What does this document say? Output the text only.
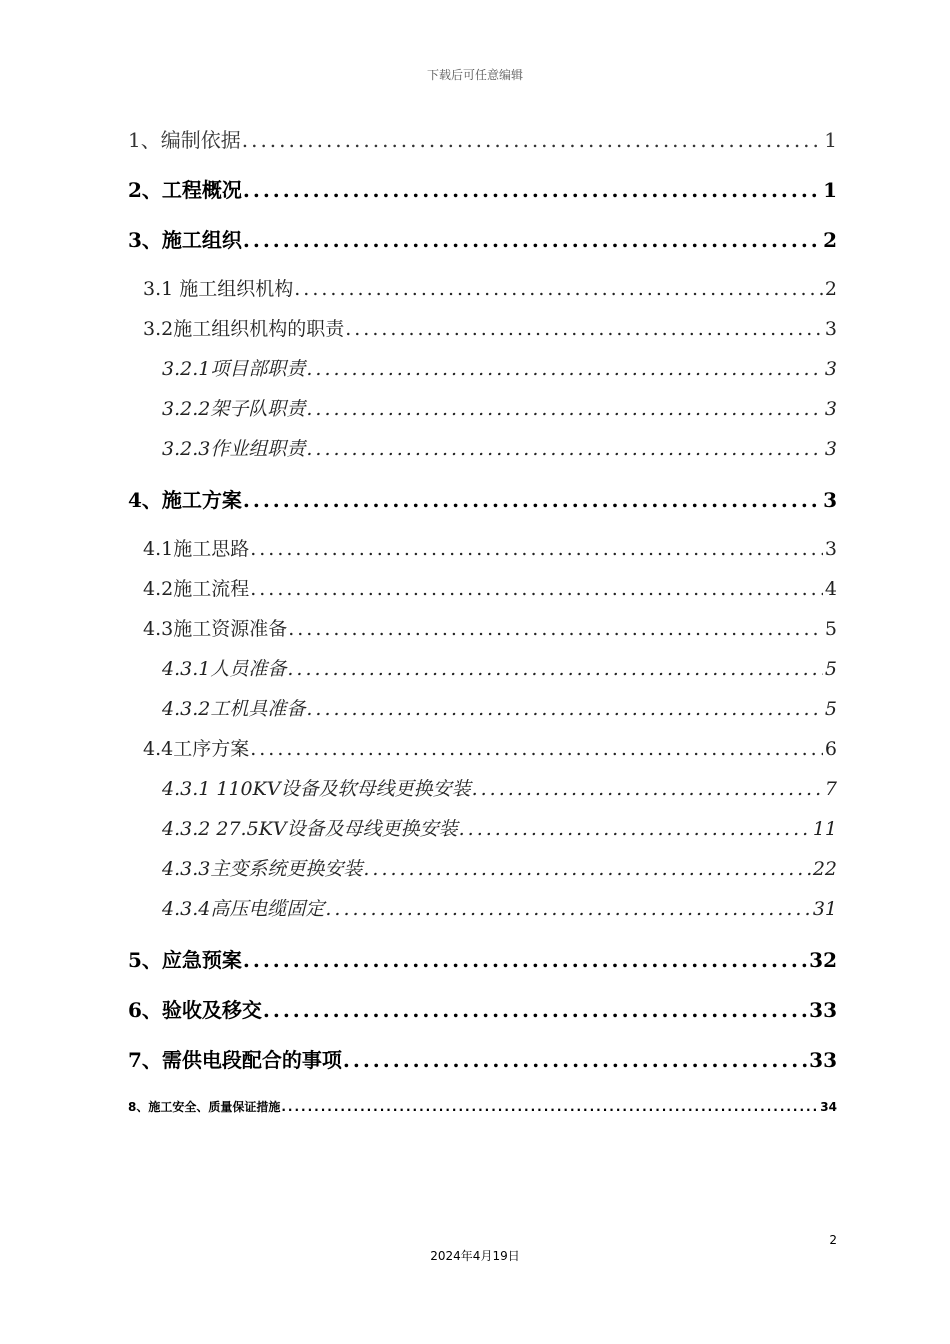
下载后可任意编辑
1、编制依据 .....	1
2、工程概况 .....	1
3、施工组织 .....	2
3.1 施工组织机构 .....	2
3.2施工组织机构的职责 .....	3
3.2.1项目部职责 .....	3
3.2.2架子队职责 .....	3
3.2.3作业组职责 .....	3
4、施工方案 .....	3
4.1施工思路 .....	3
4.2施工流程 .....	4
4.3施工资源准备 .....	5
4.3.1人员准备 .....	5
4.3.2工机具准备 .....	5
4.4工序方案 .....	6
4.3.1 110KV设备及软母线更换安装 .....	7
4.3.2 27.5KV设备及母线更换安装 .....	11
4.3.3主变系统更换安装 .....	22
4.3.4高压电缆固定 .....	31
5、应急预案 .....	32
6、验收及移交 .....	33
7、需供电段配合的事项 .....	33
8、施工安全、质量保证措施 .....	34
2
2024年4月19日
